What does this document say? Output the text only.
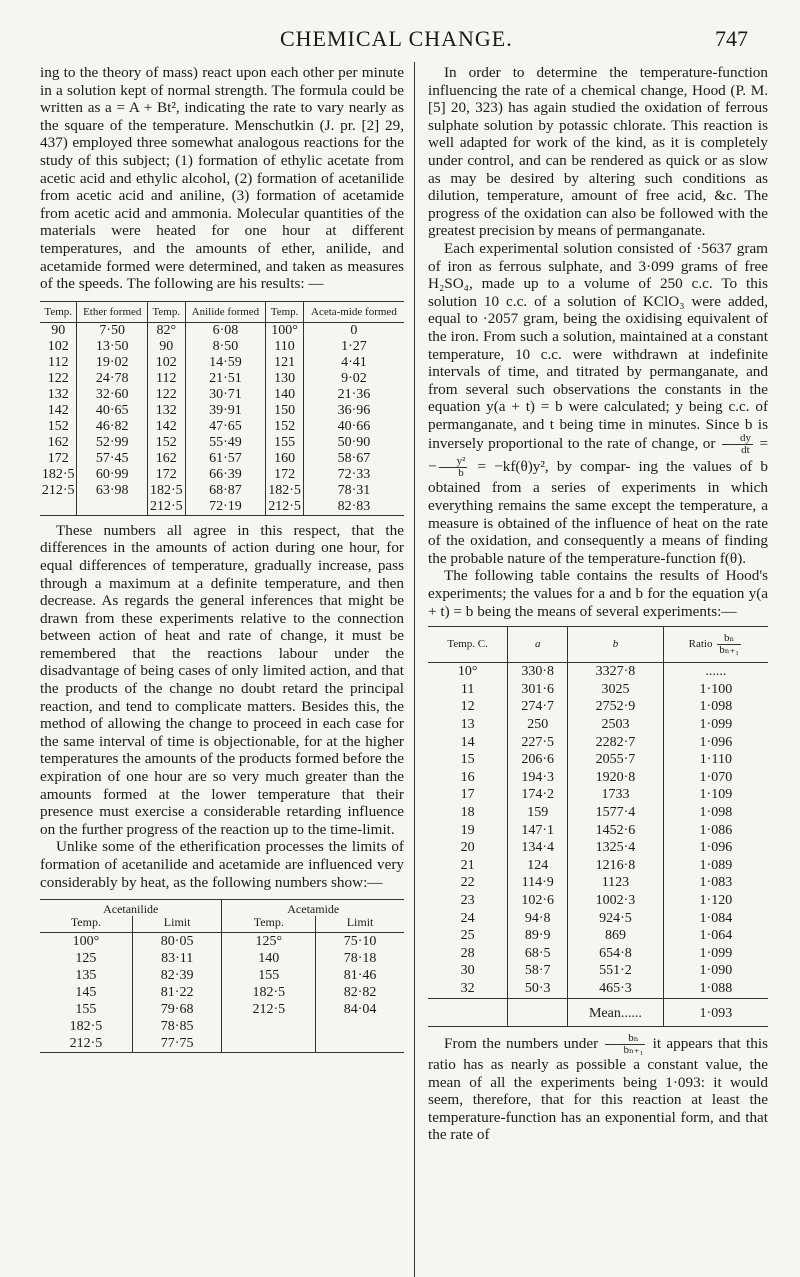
CHEMICAL CHANGE.	747

ing to the theory of mass) react upon each other per minute in a solution kept of normal strength. The formula could be written as a = A + Bt², indicating the rate to vary nearly as the square of the temperature. Menschutkin (J. pr. [2] 29, 437) employed three somewhat analogous reactions for the study of this subject; (1) formation of ethylic acetate from acetic acid and ethylic alcohol, (2) formation of acetanilide from acetic acid and aniline, (3) formation of acetamide from acetic acid and ammonia. Molecular quantities of the materials were heated for one hour at different temperatures, and the amounts of ether, anilide, and acetamide formed were determined, and taken as measures of the speeds. The following are his results: —

Temp.	Ether formed	Temp.	Anilide formed	Temp.	Aceta-mide formed
90	7·50	82°	6·08	100°	0
102	13·50	90	8·50	110	1·27
112	19·02	102	14·59	121	4·41
122	24·78	112	21·51	130	9·02
132	32·60	122	30·71	140	21·36
142	40·65	132	39·91	150	36·96
152	46·82	142	47·65	152	40·66
162	52·99	152	55·49	155	50·90
172	57·45	162	61·57	160	58·67
182·5	60·99	172	66·39	172	72·33
212·5	63·98	182·5	68·87	182·5	78·31
		212·5	72·19	212·5	82·83

These numbers all agree in this respect, that the differences in the amounts of action during one hour, for equal differences of temperature, gradually increase, pass through a maximum at a definite temperature, and then decrease. As regards the general inferences that might be drawn from these experiments relative to the connection between action of heat and rate of change, it must be remembered that the reactions labour under the disadvantage of being cases of only limited action, and that the products of the change no doubt retard the principal reaction, and tend to complicate matters. Besides this, the method of allowing the change to proceed in each case for the same interval of time is objectionable, for at the higher temperatures the amounts of the products formed before the expiration of one hour are so very much greater than the amounts formed at the lower temperature that their presence must exercise a considerable retarding influence on the further progress of the reaction up to the time-limit.

Unlike some of the etherification processes the limits of formation of acetanilide and acetamide are influenced very considerably by heat, as the following numbers show:—

Acetanilide		Acetamide	
Temp.	Limit	Temp.	Limit
100°	80·05	125°	75·10
125	83·11	140	78·18
135	82·39	155	81·46
145	81·22	182·5	82·82
155	79·68	212·5	84·04
182·5	78·85		
212·5	77·75		

In order to determine the temperature-function influencing the rate of a chemical change, Hood (P. M. [5] 20, 323) has again studied the oxidation of ferrous sulphate solution by potassic chlorate. This reaction is well adapted for work of the kind, as it is completely under control, and can be rendered as quick or as slow as may be desired by altering such conditions as dilution, temperature, amount of free acid, &c. The progress of the oxidation can also be followed with the greatest precision by means of permanganate.

Each experimental solution consisted of ·5637 gram of iron as ferrous sulphate, and 3·099 grams of free H₂SO₄, made up to a volume of 250 c.c. To this solution 10 c.c. of a solution of KClO₃ were added, equal to ·2057 gram, being the oxidising equivalent of the iron. From such a solution, maintained at a constant temperature, 10 c.c. were withdrawn at indefinite intervals of time, and titrated by permanganate, and from several such observations the constants in the equation y(a + t) = b were calculated; y being c.c. of permanganate, and t being time in minutes. Since b is inversely proportional to the rate of change, or $\frac{dy}{dt}$ = − $\frac{\text{y²}}{b} = -kf(\theta)y^2$, by compar- ing the values of b obtained from a series of experiments in which everything remains the same except the temperature, a measure is obtained of the influence of heat on the rate of the oxidation, and consequently a means of finding the probable nature of the temperature-function f(θ).

The following table contains the results of Hood's experiments; the values for a and b for the equation y(a + t) = b being the means of several experiments:—

Temp. C.	a	b	Ratio $\frac{\text{bₙ}}{\text{bₙ₊₁}}$

10°	330·8	3327·8	......
11	301·6	3025	1·100
12	274·7	2752·9	1·098
13	250	2503	1·099
14	227·5	2282·7	1·096
15	206·6	2055·7	1·110
16	194·3	1920·8	1·070
17	174·2	1733	1·109
18	159	1577·4	1·098
19	147·1	1452·6	1·086
20	134·4	1325·4	1·096
21	124	1216·8	1·089
22	114·9	1123	1·083
23	102·6	1002·3	1·120
24	94·8	924·5	1·084
25	89·9	869	1·064
28	68·5	654·8	1·099
30	58·7	551·2	1·090
32	50·3	465·3	1·088
		Mean......	1·093

From the numbers under $\frac{\text{bₙ}}{\text{bₙ₊₁}}$ it appears that this ratio has as nearly as possible a constant value, the mean of all the experiments being 1·093: it would seem, therefore, that for this reaction at least the temperature-function has an exponential form, and that the rate of
